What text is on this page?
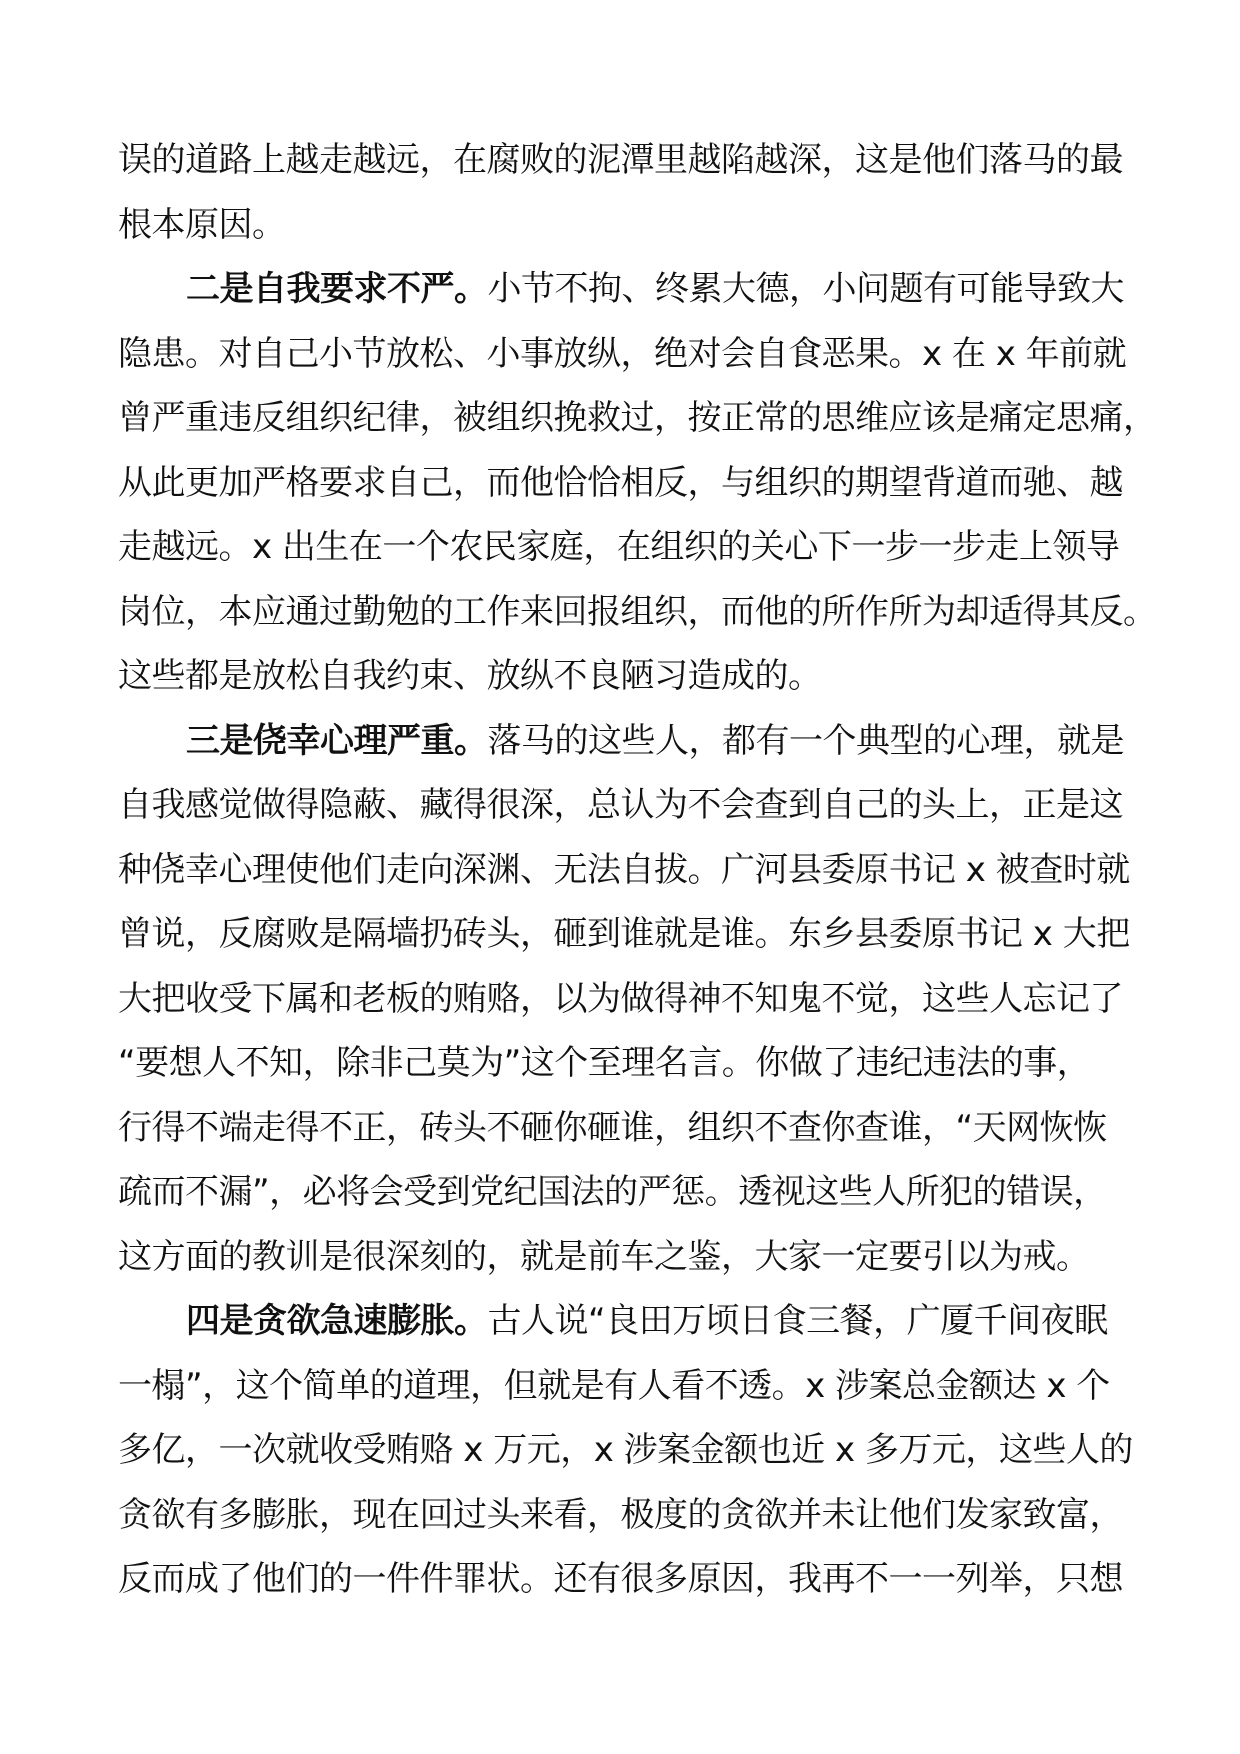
误的道路上越走越远，在腐败的泥潭里越陷越深，这是他们落马的最
根本原因。
二是自我要求不严。小节不拘、终累大德，小问题有可能导致大
隐患。对自己小节放松、小事放纵，绝对会自食恶果。x 在 x 年前就
曾严重违反组织纪律，被组织挽救过，按正常的思维应该是痛定思痛，
从此更加严格要求自己，而他恰恰相反，与组织的期望背道而驰、越
走越远。x 出生在一个农民家庭，在组织的关心下一步一步走上领导
岗位，本应通过勤勉的工作来回报组织，而他的所作所为却适得其反。
这些都是放松自我约束、放纵不良陋习造成的。
三是侥幸心理严重。落马的这些人，都有一个典型的心理，就是
自我感觉做得隐蔽、藏得很深，总认为不会查到自己的头上，正是这
种侥幸心理使他们走向深渊、无法自拔。广河县委原书记 x 被查时就
曾说，反腐败是隔墙扔砖头，砸到谁就是谁。东乡县委原书记 x 大把
大把收受下属和老板的贿赂，以为做得神不知鬼不觉，这些人忘记了
“要想人不知，除非己莫为”这个至理名言。你做了违纪违法的事，
行得不端走得不正，砖头不砸你砸谁，组织不查你查谁，“天网恢恢
疏而不漏”，必将会受到党纪国法的严惩。透视这些人所犯的错误，
这方面的教训是很深刻的，就是前车之鉴，大家一定要引以为戒。
四是贪欲急速膨胀。古人说“良田万顷日食三餐，广厦千间夜眠
一榻”，这个简单的道理，但就是有人看不透。x 涉案总金额达 x 个
多亿，一次就收受贿赂 x 万元，x 涉案金额也近 x 多万元，这些人的
贪欲有多膨胀，现在回过头来看，极度的贪欲并未让他们发家致富，
反而成了他们的一件件罪状。还有很多原因，我再不一一列举，只想
